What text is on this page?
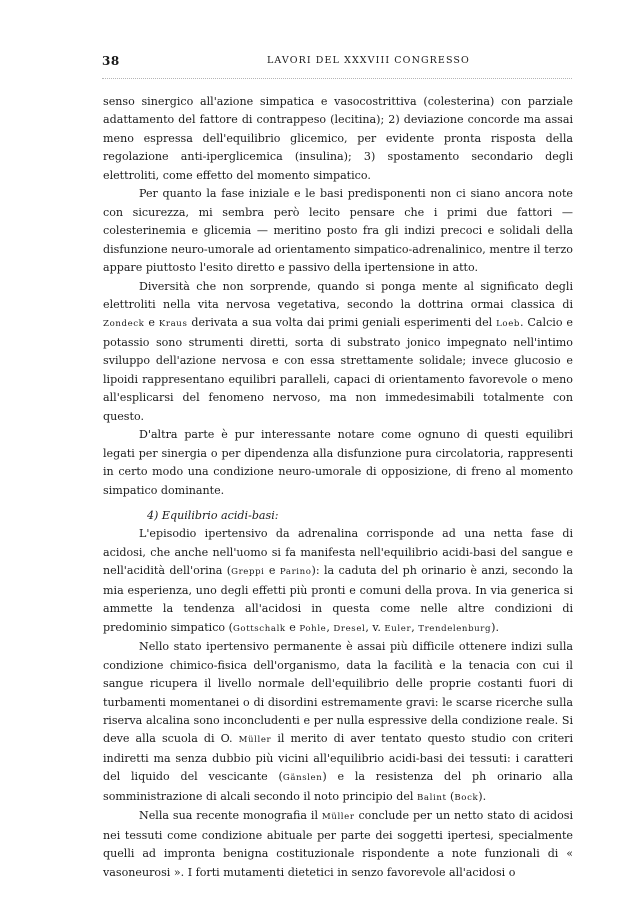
38	LAVORI DEL XXXVIII CONGRESSO

senso sinergico all'azione simpatica e vasocostrittiva (colesterina) con parziale adattamento del fattore di contrappeso (lecitina); 2) deviazione concorde ma assai meno espressa dell'equilibrio glicemico, per evidente pronta risposta della regolazione anti-iperglicemica (insulina); 3) spostamento secondario degli elettroliti, come effetto del momento simpatico.

Per quanto la fase iniziale e le basi predisponenti non ci siano ancora note con sicurezza, mi sembra però lecito pensare che i primi due fattori — colesterinemia e glicemia — meritino posto fra gli indizi precoci e solidali della disfunzione neuro-umorale ad orientamento simpatico-adrenalinico, mentre il terzo appare piuttosto l'esito diretto e passivo della ipertensione in atto.

Diversità che non sorprende, quando si ponga mente al significato degli elettroliti nella vita nervosa vegetativa, secondo la dottrina ormai classica di Zondeck e Kraus derivata a sua volta dai primi geniali esperimenti del Loeb. Calcio e potassio sono strumenti diretti, sorta di substrato jonico impegnato nell'intimo sviluppo dell'azione nervosa e con essa strettamente solidale; invece glucosio e lipoidi rappresentano equilibri paralleli, capaci di orientamento favorevole o meno all'esplicarsi del fenomeno nervoso, ma non immedesimabili totalmente con questo.

D'altra parte è pur interessante notare come ognuno di questi equilibri legati per sinergia o per dipendenza alla disfunzione pura circolatoria, rappresenti in certo modo una condizione neuro-umorale di opposizione, di freno al momento simpatico dominante.

4) Equilibrio acidi-basi:

L'episodio ipertensivo da adrenalina corrisponde ad una netta fase di acidosi, che anche nell'uomo si fa manifesta nell'equilibrio acidi-basi del sangue e nell'acidità dell'orina (Greppi e Parino): la caduta del ph orinario è anzi, secondo la mia esperienza, uno degli effetti più pronti e comuni della prova. In via generica si ammette la tendenza all'acidosi in questa come nelle altre condizioni di predominio simpatico (Gottschalk e Pohle, Dresel, v. Euler, Trendelenburg).

Nello stato ipertensivo permanente è assai più difficile ottenere indizi sulla condizione chimico-fisica dell'organismo, data la facilità e la tenacia con cui il sangue ricupera il livello normale dell'equilibrio delle proprie costanti fuori di turbamenti momentanei o di disordini estremamente gravi: le scarse ricerche sulla riserva alcalina sono inconcludenti e per nulla espressive della condizione reale. Si deve alla scuola di O. Müller il merito di aver tentato questo studio con criteri indiretti ma senza dubbio più vicini all'equilibrio acidi-basi dei tessuti: i caratteri del liquido del vescicante (Gänslen) e la resistenza del ph orinario alla somministrazione di alcali secondo il noto principio del Balint (Bock).

Nella sua recente monografia il Müller conclude per un netto stato di acidosi nei tessuti come condizione abituale per parte dei soggetti ipertesi, specialmente quelli ad impronta benigna costituzionale rispondente a note funzionali di « vasoneurosi ». I forti mutamenti dietetici in senzo favorevole all'acidosi o
